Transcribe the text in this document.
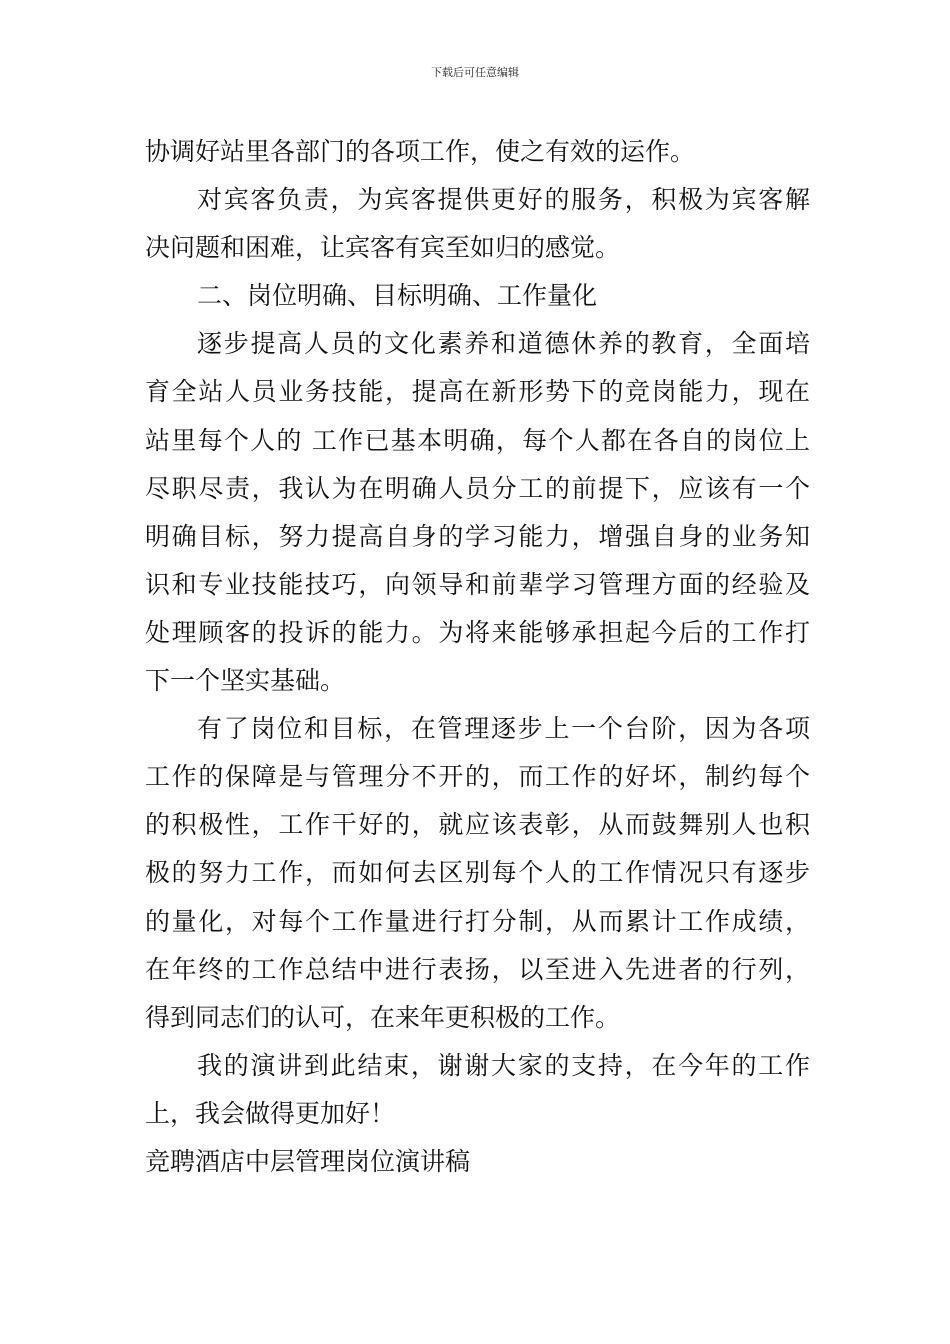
下载后可任意编辑
协调好站里各部门的各项工作，使之有效的运作。
对宾客负责，为宾客提供更好的服务，积极为宾客解
决问题和困难，让宾客有宾至如归的感觉。
二、岗位明确、目标明确、工作量化
逐步提高人员的文化素养和道德休养的教育，全面培
育全站人员业务技能，提高在新形势下的竞岗能力，现在
站里每个人的 工作已基本明确，每个人都在各自的岗位上
尽职尽责，我认为在明确人员分工的前提下，应该有一个
明确目标，努力提高自身的学习能力，增强自身的业务知
识和专业技能技巧，向领导和前辈学习管理方面的经验及
处理顾客的投诉的能力。为将来能够承担起今后的工作打
下一个坚实基础。
有了岗位和目标，在管理逐步上一个台阶，因为各项
工作的保障是与管理分不开的，而工作的好坏，制约每个
的积极性，工作干好的，就应该表彰，从而鼓舞别人也积
极的努力工作，而如何去区别每个人的工作情况只有逐步
的量化，对每个工作量进行打分制，从而累计工作成绩，
在年终的工作总结中进行表扬，以至进入先进者的行列，
得到同志们的认可，在来年更积极的工作。
我的演讲到此结束，谢谢大家的支持，在今年的工作
上，我会做得更加好！
竞聘酒店中层管理岗位演讲稿
